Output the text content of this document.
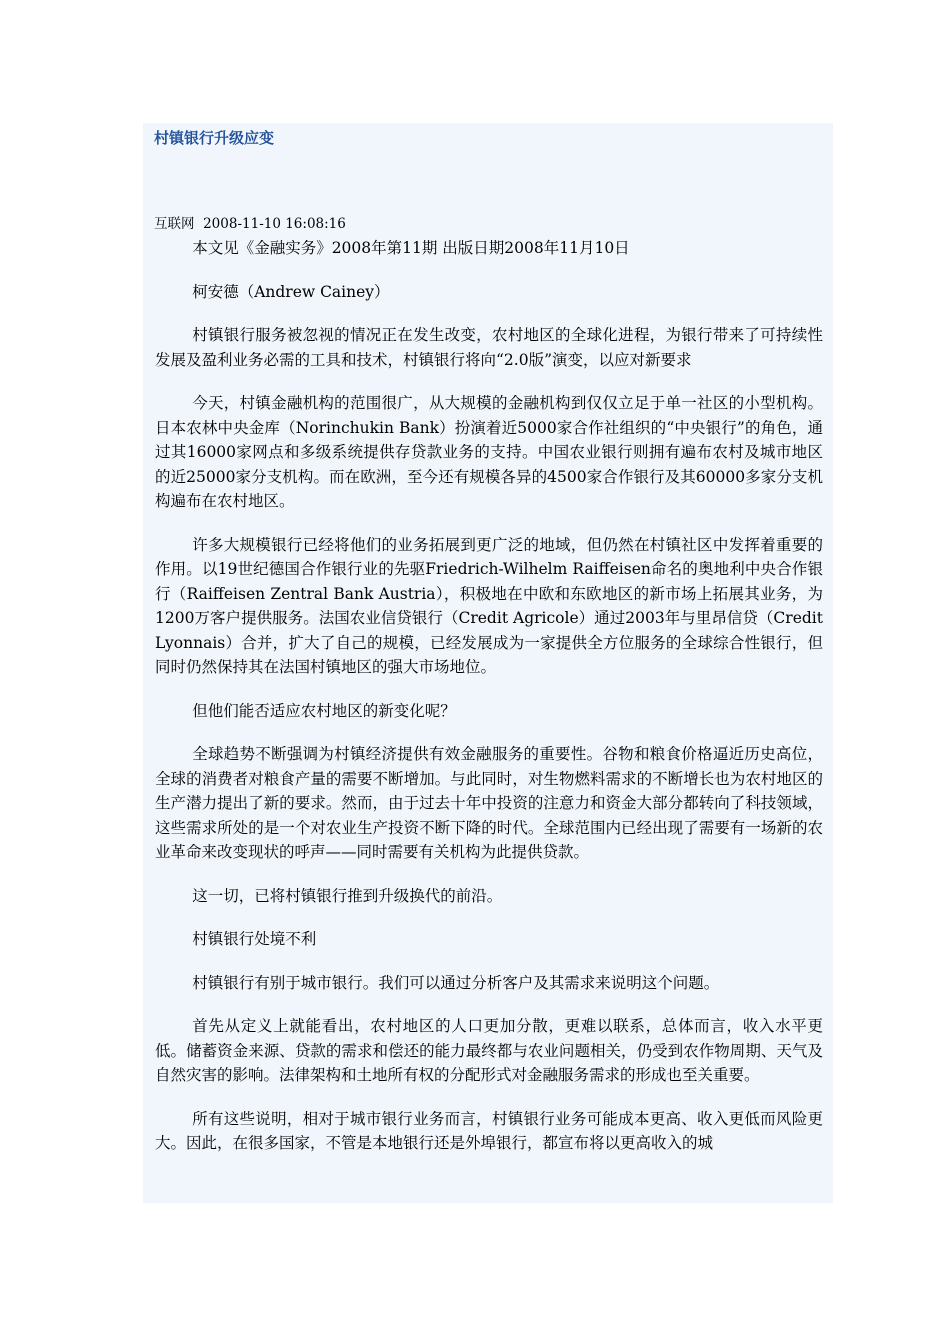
村镇银行升级应变
互联网 2008-11-10 16:08:16

本文见《金融实务》2008年第11期 出版日期2008年11月10日

柯安德（Andrew Cainey）

村镇银行服务被忽视的情况正在发生改变，农村地区的全球化进程，为银行带来了可持续性发展及盈利业务必需的工具和技术，村镇银行将向“2.0版”演变，以应对新要求

今天，村镇金融机构的范围很广，从大规模的金融机构到仅仅立足于单一社区的小型机构。日本农林中央金库（Norinchukin Bank）扮演着近5000家合作社组织的“中央银行”的角色，通过其16000家网点和多级系统提供存贷款业务的支持。中国农业银行则拥有遍布农村及城市地区的近25000家分支机构。而在欧洲，至今还有规模各异的4500家合作银行及其60000多家分支机构遍布在农村地区。

许多大规模银行已经将他们的业务拓展到更广泛的地域，但仍然在村镇社区中发挥着重要的作用。以19世纪德国合作银行业的先驱Friedrich-Wilhelm Raiffeisen命名的奥地利中央合作银行（Raiffeisen Zentral Bank Austria），积极地在中欧和东欧地区的新市场上拓展其业务，为1200万客户提供服务。法国农业信贷银行（Credit Agricole）通过2003年与里昂信贷（Credit Lyonnais）合并，扩大了自己的规模，已经发展成为一家提供全方位服务的全球综合性银行，但同时仍然保持其在法国村镇地区的强大市场地位。

但他们能否适应农村地区的新变化呢？

全球趋势不断强调为村镇经济提供有效金融服务的重要性。谷物和粮食价格逼近历史高位，全球的消费者对粮食产量的需要不断增加。与此同时，对生物燃料需求的不断增长也为农村地区的生产潜力提出了新的要求。然而，由于过去十年中投资的注意力和资金大部分都转向了科技领域，这些需求所处的是一个对农业生产投资不断下降的时代。全球范围内已经出现了需要有一场新的农业革命来改变现状的呼声——同时需要有关机构为此提供贷款。

这一切，已将村镇银行推到升级换代的前沿。

村镇银行处境不利

村镇银行有别于城市银行。我们可以通过分析客户及其需求来说明这个问题。

首先从定义上就能看出，农村地区的人口更加分散，更难以联系，总体而言，收入水平更低。储蓄资金来源、贷款的需求和偿还的能力最终都与农业问题相关，仍受到农作物周期、天气及自然灾害的影响。法律架构和土地所有权的分配形式对金融服务需求的形成也至关重要。

所有这些说明，相对于城市银行业务而言，村镇银行业务可能成本更高、收入更低而风险更大。因此，在很多国家，不管是本地银行还是外埠银行，都宣布将以更高收入的城
